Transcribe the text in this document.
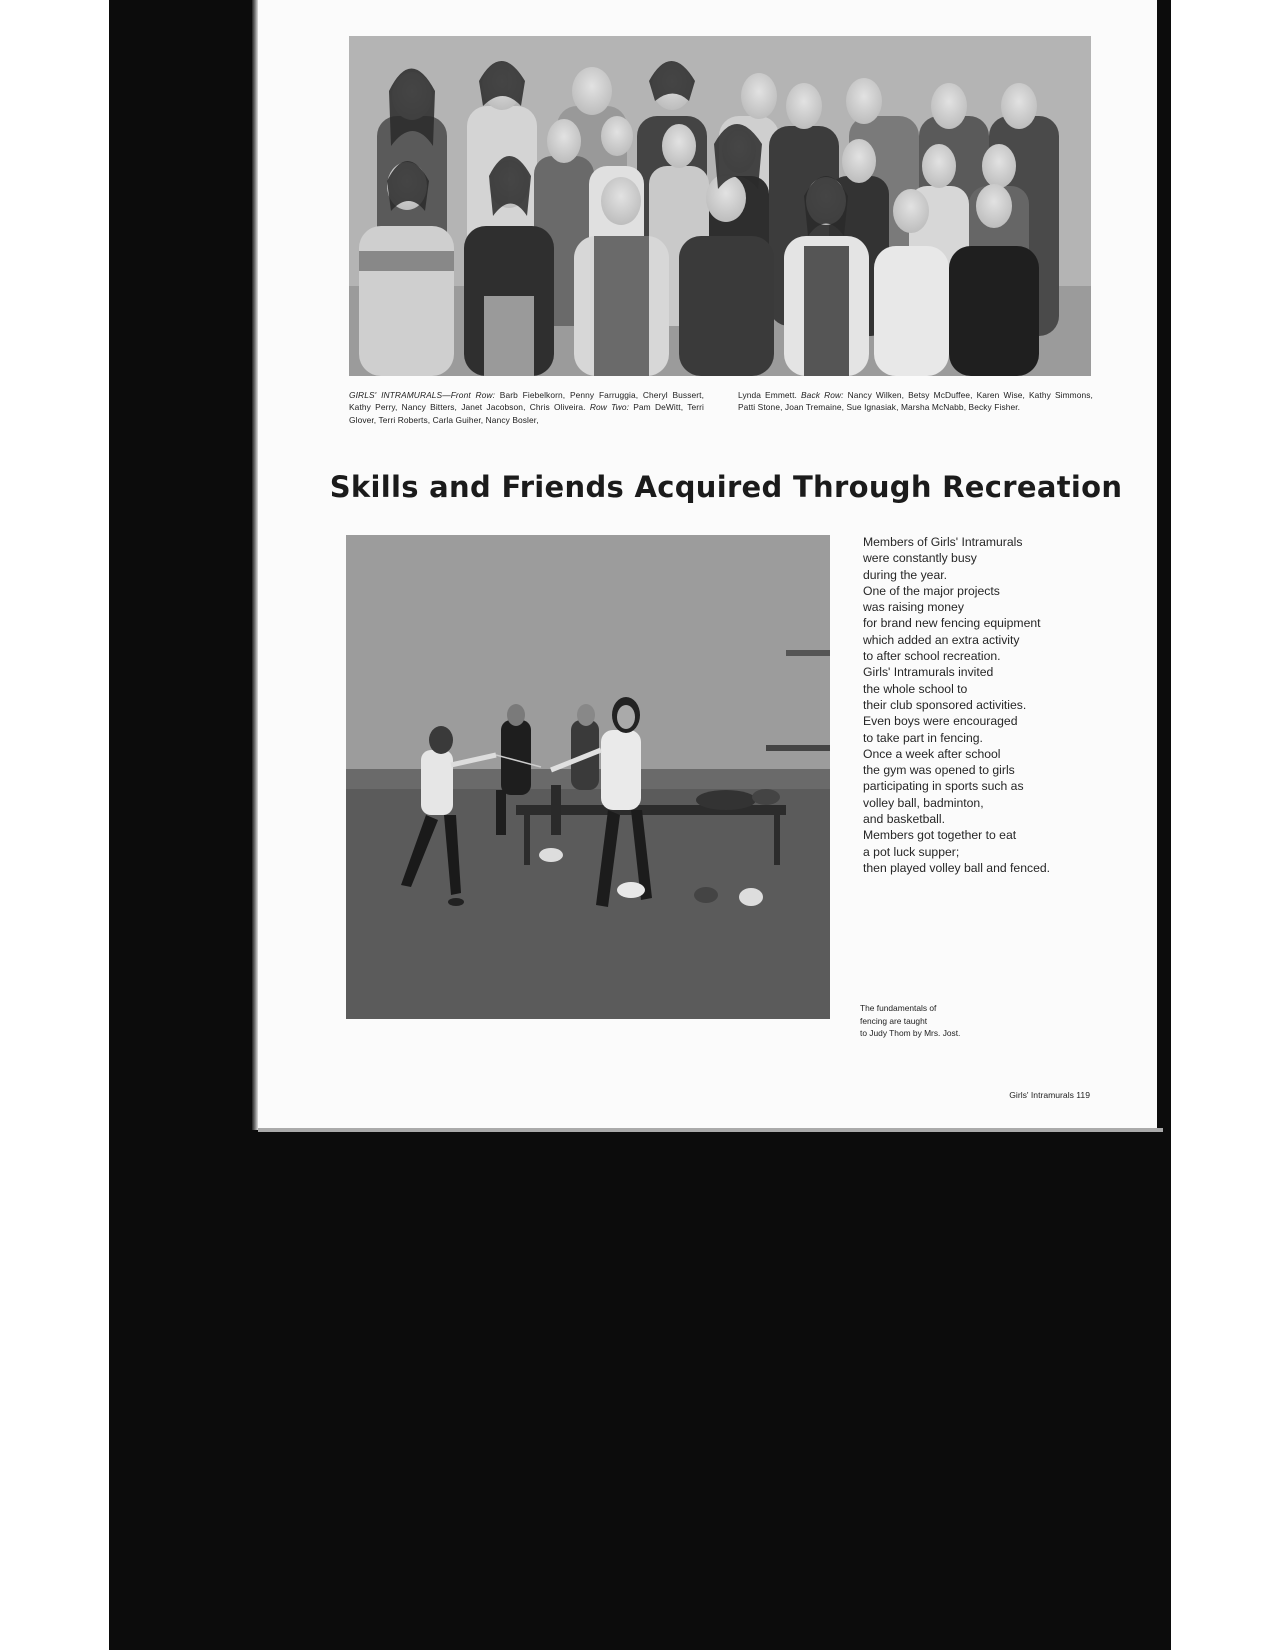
GIRLS' INTRAMURALS—Front Row: Barb Fiebelkorn, Penny Farruggia, Cheryl Bussert, Kathy Perry, Nancy Bitters, Janet Jacobson, Chris Oliveira. Row Two: Pam DeWitt, Terri Glover, Terri Roberts, Carla Guiher, Nancy Bosler,
Lynda Emmett. Back Row: Nancy Wilken, Betsy McDuffee, Karen Wise, Kathy Simmons, Patti Stone, Joan Tremaine, Sue Ignasiak, Marsha McNabb, Becky Fisher.
Skills and Friends Acquired Through Recreation
Members of Girls' Intramurals
were constantly busy
during the year.
One of the major projects
was raising money
for brand new fencing equipment
which added an extra activity
to after school recreation.
Girls' Intramurals invited
the whole school to
their club sponsored activities.
Even boys were encouraged
to take part in fencing.
Once a week after school
the gym was opened to girls
participating in sports such as
volley ball, badminton,
and basketball.
Members got together to eat
a pot luck supper;
then played volley ball and fenced.
The fundamentals of
fencing are taught
to Judy Thom by Mrs. Jost.
Girls' Intramurals 119
